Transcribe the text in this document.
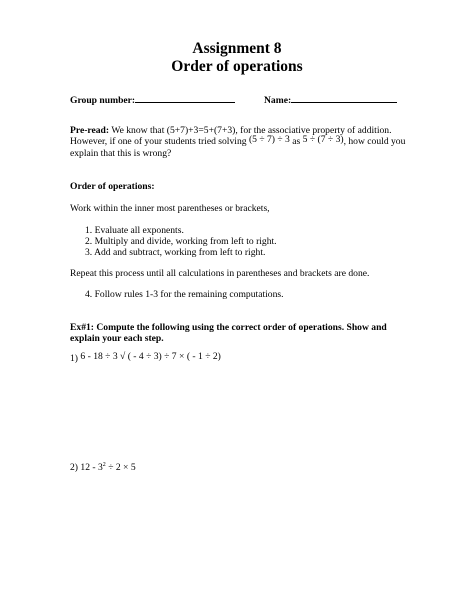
Assignment 8
Order of operations
Group number:	Name:
Pre-read: We know that (5+7)+3=5+(7+3), for the associative property of addition.
However, if one of your students tried solving (5 ÷ 7) ÷ 3 as 5 ÷ (7 ÷ 3), how could you
explain that this is wrong?
Order of operations:
Work within the inner most parentheses or brackets,
1. Evaluate all exponents.
2. Multiply and divide, working from left to right.
3. Add and subtract, working from left to right.
Repeat this process until all calculations in parentheses and brackets are done.
4. Follow rules 1-3 for the remaining computations.
Ex#1: Compute the following using the correct order of operations. Show and
explain your each step.
1) 6 - 18 ÷ 3 √ ( - 4 ÷ 3) ÷ 7 × ( - 1 ÷ 2)
2) $12 - 3^2 \div 2 \times 5$
